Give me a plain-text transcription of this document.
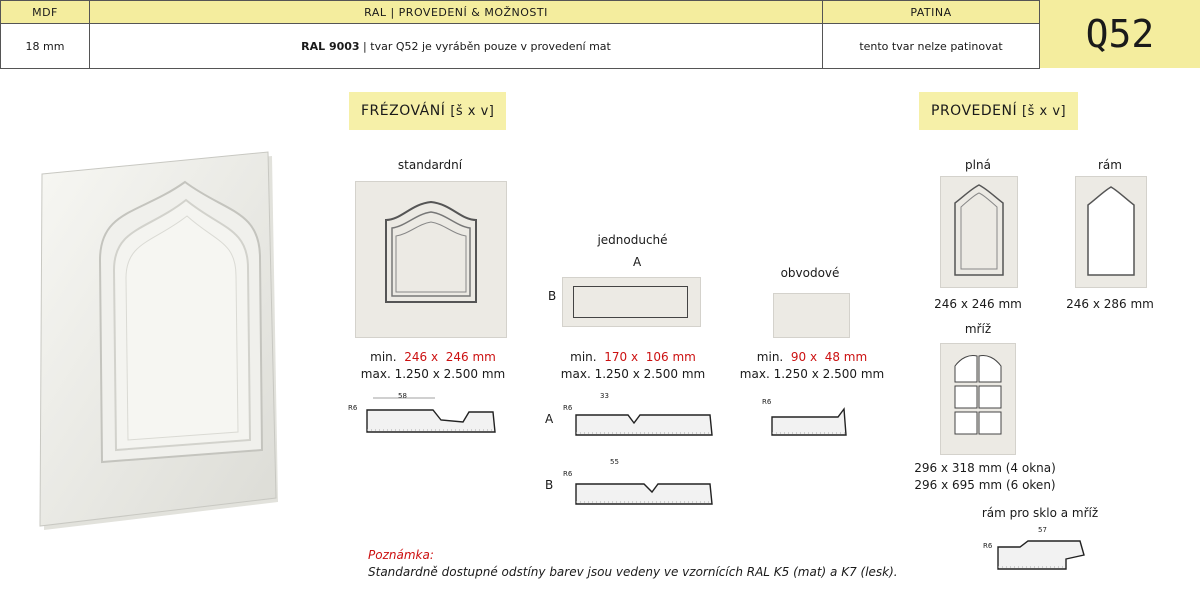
MDF	RAL | PROVEDENÍ & MOŽNOSTI	PATINA
18 mm	RAL 9003 | tvar Q52 je vyráběn pouze v provedení mat	tento tvar nelze patinovat	Q52
FRÉZOVÁNÍ [š x v]	PROVEDENÍ [š x v]
standardní
min. 246 x 246 mm
max. 1.250 x 2.500 mm
R6
58
jednoduché
A
B
min. 170 x 106 mm
max. 1.250 x 2.500 mm
A
R6
33
B
R6
55
obvodové
min. 90 x 48 mm
max. 1.250 x 2.500 mm
R6
plná	rám
246 x 246 mm	246 x 286 mm
mříž
296 x 318 mm (4 okna)
296 x 695 mm (6 oken)
rám pro sklo a mříž
R6
57
Poznámka:
Standardně dostupné odstíny barev jsou vedeny ve vzornících RAL K5 (mat) a K7 (lesk).
